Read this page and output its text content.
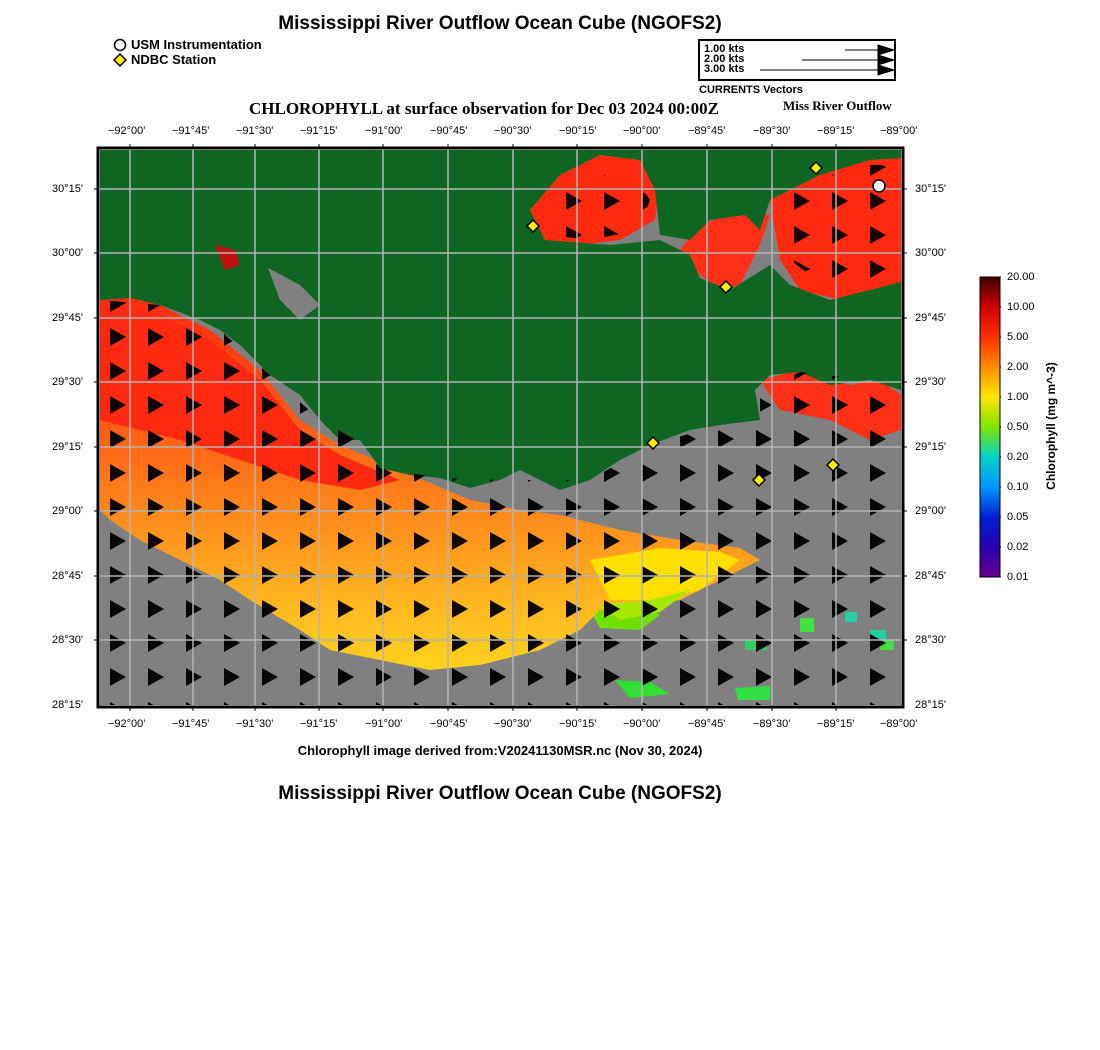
Mississippi River Outflow Ocean Cube (NGOFS2)
USM Instrumentation
NDBC Station
1.00 kts
2.00 kts
3.00 kts
CURRENTS Vectors
CHLOROPHYLL at surface observation for Dec 03 2024 00:00Z	Miss River Outflow
−92°00' −91°45' −91°30' −91°15'	−91°00'	−90°45' −90°30'	−90°15' −90°00'	−89°45'	−89°30' −89°15' −89°00'
−92°00' −91°45' −91°30' −91°15'	−91°00'	−90°45' −90°30'	−90°15' −90°00'	−89°45'	−89°30' −89°15' −89°00'
30°15'
30°00'
29°45'
29°30'
29°15'
29°00'
28°45'
28°30'
28°15'
30°15'
30°00'
29°45'
29°30'
29°15'
29°00'
28°45'
28°30'
28°15'
20.00
10.00
5.00
2.00
1.00
0.50
0.20
0.10
0.05
0.02
0.01
Chlorophyll (mg m^-3)
Chlorophyll image derived from:V20241130MSR.nc (Nov 30, 2024)
Mississippi River Outflow Ocean Cube (NGOFS2)
